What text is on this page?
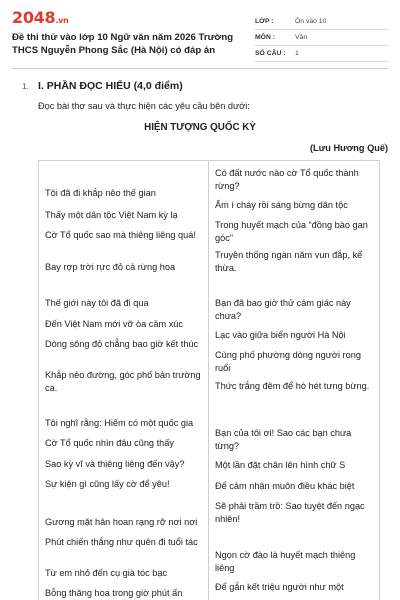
2048.vn
Đề thi thử vào lớp 10 Ngữ văn năm 2026 Trường THCS Nguyễn Phong Sắc (Hà Nội) có đáp án
LỚP :	Ôn vào 10
MÔN :	Văn
SỐ CÂU :	1
1. I. PHẦN ĐỌC HIỂU (4,0 điểm)
Đọc bài thơ sau và thực hiện các yêu cầu bên dưới:
HIỆN TƯỢNG QUỐC KỲ
(Lưu Hương Quế)
Tôi đã đi khắp nẻo thế gian
Thấy một dân tộc Việt Nam kỳ lạ
Cờ Tổ quốc sao mà thiêng liêng quá!
Bay rợp trời rực đỏ cả rừng hoa
Thế giới này tôi đã đi qua
Đến Việt Nam mới vỡ òa cảm xúc
Dòng sông đỏ chẳng bao giờ kết thúc
Khắp nẻo đường, góc phố bản trường ca.
Tôi nghĩ rằng: Hiếm có một quốc gia
Cờ Tổ quốc nhìn đâu cũng thấy
Sao kỳ vĩ và thiêng liêng đến vậy?
Sự kiện gì cũng lấy cờ để yêu!
Gương mặt hân hoan rạng rỡ nơi nơi
Phút chiến thắng như quên đi tuổi tác
Từ em nhỏ đến cụ già tóc bạc
Bỗng thăng hoa trong giờ phút ấn
Có đất nước nào cờ Tổ quốc thành rừng?
Ấm í cháy rồi sáng bừng dân tộc
Trong huyết mạch của “đồng bào gan góc”
Truyền thống ngàn năm vun đắp, kế thừa.
Bạn đã bao giờ thử cảm giác này chưa?
Lạc vào giữa biển người Hà Nội
Cùng phố phường dòng người rong ruổi
Thức trắng đêm để hò hét tưng bừng.
Bạn của tôi ơi! Sao các bạn chưa từng?
Một lần đặt chân lên hình chữ S
Để cảm nhận muôn điều khác biệt
Sẽ phải trầm trồ: Sao tuyệt đến ngạc nhiên!
Ngọn cờ đào là huyết mạch thiêng liêng
Để gắn kết triệu người như một
